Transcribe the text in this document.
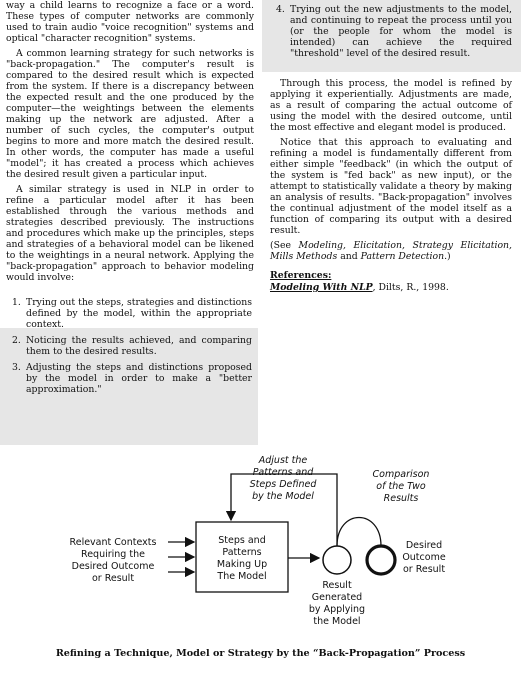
way a child learns to recognize a face or a word. These types of computer networks are commonly used to train audio "voice recognition" systems and optical "character recognition" systems.

A common learning strategy for such networks is "back-propagation." The computer's result is compared to the desired result which is expected from the system. If there is a discrepancy between the expected result and the one produced by the computer—the weightings between the elements making up the network are adjusted. After a number of such cycles, the computer's output begins to more and more match the desired result. In other words, the computer has made a useful "model"; it has created a process which achieves the desired result given a particular input.

A similar strategy is used in NLP in order to refine a particular model after it has been established through the various methods and strategies described previously. The instructions and procedures which make up the principles, steps and strategies of a behavioral model can be likened to the weightings in a neural network. Applying the "back-propagation" approach to behavior modeling would involve:

1. Trying out the steps, strategies and distinctions defined by the model, within the appropriate context.
2. Noticing the results achieved, and comparing them to the desired results.
3. Adjusting the steps and distinctions proposed by the model in order to make a "better approximation."
4. Trying out the new adjustments to the model, and continuing to repeat the process until you (or the people for whom the model is intended) can achieve the required "threshold" level of the desired result.

Through this process, the model is refined by applying it experientially. Adjustments are made, as a result of comparing the actual outcome of using the model with the desired outcome, until the most effective and elegant model is produced.

Notice that this approach to evaluating and refining a model is fundamentally different from either simple "feedback" (in which the output of the system is "fed back" as new input), or the attempt to statistically validate a theory by making an analysis of results. "Back-propagation" involves the continual adjustment of the model itself as a function of comparing its output with a desired result.

(See Modeling, Elicitation, Strategy Elicitation, Mills Methods and Pattern Detection.)

References:
Modeling With NLP, Dilts, R., 1998.
Adjust the
Patterns and
Steps Defined
by the Model
Comparison
of the Two
Results
Relevant Contexts
Requiring the
Desired Outcome
or Result
Steps and
Patterns
Making Up
The Model
Desired
Outcome
or Result
Result
Generated
by Applying
the Model
Refining a Technique, Model or Strategy by the “Back-Propagation” Process
